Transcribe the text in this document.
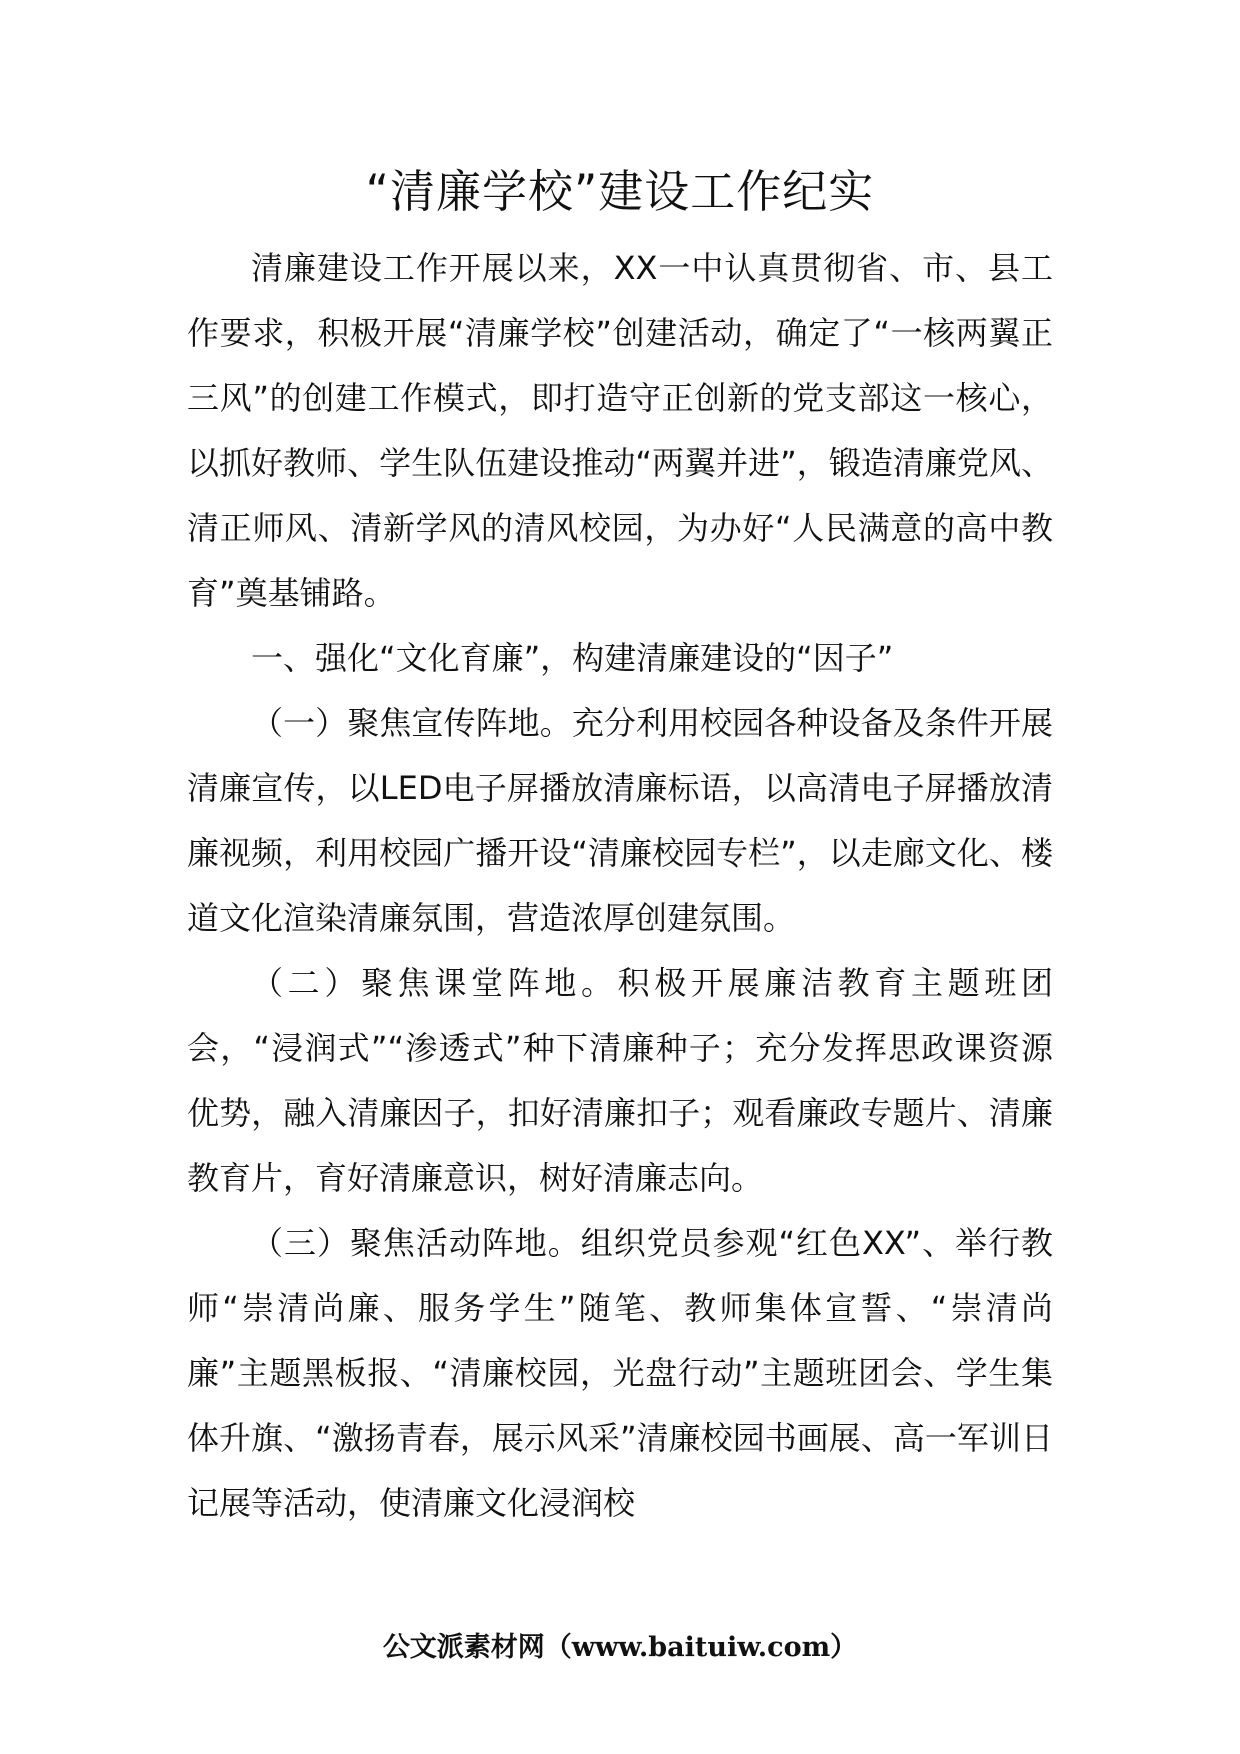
“清廉学校”建设工作纪实

清廉建设工作开展以来，XX一中认真贯彻省、市、县工作要求，积极开展“清廉学校”创建活动，确定了“一核两翼正三风”的创建工作模式，即打造守正创新的党支部这一核心，以抓好教师、学生队伍建设推动“两翼并进”，锻造清廉党风、清正师风、清新学风的清风校园，为办好“人民满意的高中教育”奠基铺路。

一、强化“文化育廉”，构建清廉建设的“因子”

（一）聚焦宣传阵地。充分利用校园各种设备及条件开展清廉宣传，以LED电子屏播放清廉标语，以高清电子屏播放清廉视频，利用校园广播开设“清廉校园专栏”，以走廊文化、楼道文化渲染清廉氛围，营造浓厚创建氛围。

（二）聚焦课堂阵地。积极开展廉洁教育主题班团会，“浸润式”“渗透式”种下清廉种子；充分发挥思政课资源优势，融入清廉因子，扣好清廉扣子；观看廉政专题片、清廉教育片，育好清廉意识，树好清廉志向。

（三）聚焦活动阵地。组织党员参观“红色XX”、举行教师“崇清尚廉、服务学生”随笔、教师集体宣誓、“崇清尚廉”主题黑板报、“清廉校园，光盘行动”主题班团会、学生集体升旗、“激扬青春，展示风采”清廉校园书画展、高一军训日记展等活动，使清廉文化浸润校

公文派素材网（www.baituiw.com）
